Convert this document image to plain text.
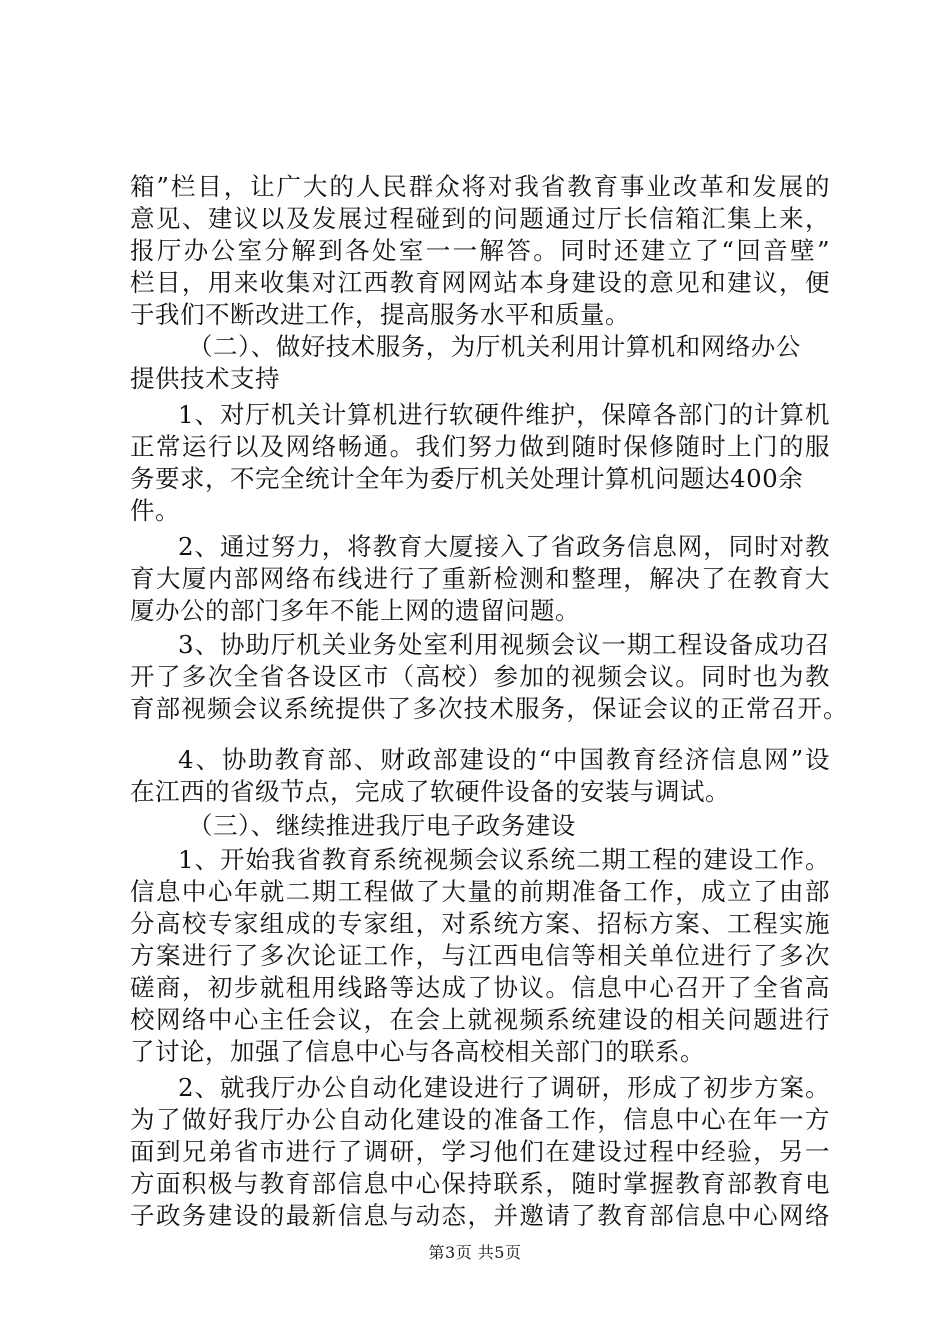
箱”栏目，让广大的人民群众将对我省教育事业改革和发展的
意见、建议以及发展过程碰到的问题通过厅长信箱汇集上来，
报厅办公室分解到各处室一一解答。同时还建立了“回音壁”
栏目，用来收集对江西教育网网站本身建设的意见和建议，便
于我们不断改进工作，提高服务水平和质量。
（二）、做好技术服务，为厅机关利用计算机和网络办公
提供技术支持
1、对厅机关计算机进行软硬件维护，保障各部门的计算机
正常运行以及网络畅通。我们努力做到随时保修随时上门的服
务要求，不完全统计全年为委厅机关处理计算机问题达400余
件。
2、通过努力，将教育大厦接入了省政务信息网，同时对教
育大厦内部网络布线进行了重新检测和整理，解决了在教育大
厦办公的部门多年不能上网的遗留问题。
3、协助厅机关业务处室利用视频会议一期工程设备成功召
开了多次全省各设区市（高校）参加的视频会议。同时也为教
育部视频会议系统提供了多次技术服务，保证会议的正常召开。
4、协助教育部、财政部建设的“中国教育经济信息网”设
在江西的省级节点，完成了软硬件设备的安装与调试。
（三）、继续推进我厅电子政务建设
1、开始我省教育系统视频会议系统二期工程的建设工作。
信息中心年就二期工程做了大量的前期准备工作，成立了由部
分高校专家组成的专家组，对系统方案、招标方案、工程实施
方案进行了多次论证工作，与江西电信等相关单位进行了多次
磋商，初步就租用线路等达成了协议。信息中心召开了全省高
校网络中心主任会议，在会上就视频系统建设的相关问题进行
了讨论，加强了信息中心与各高校相关部门的联系。
2、就我厅办公自动化建设进行了调研，形成了初步方案。
为了做好我厅办公自动化建设的准备工作，信息中心在年一方
面到兄弟省市进行了调研，学习他们在建设过程中经验，另一
方面积极与教育部信息中心保持联系，随时掌握教育部教育电
子政务建设的最新信息与动态，并邀请了教育部信息中心网络
第3页 共5页
